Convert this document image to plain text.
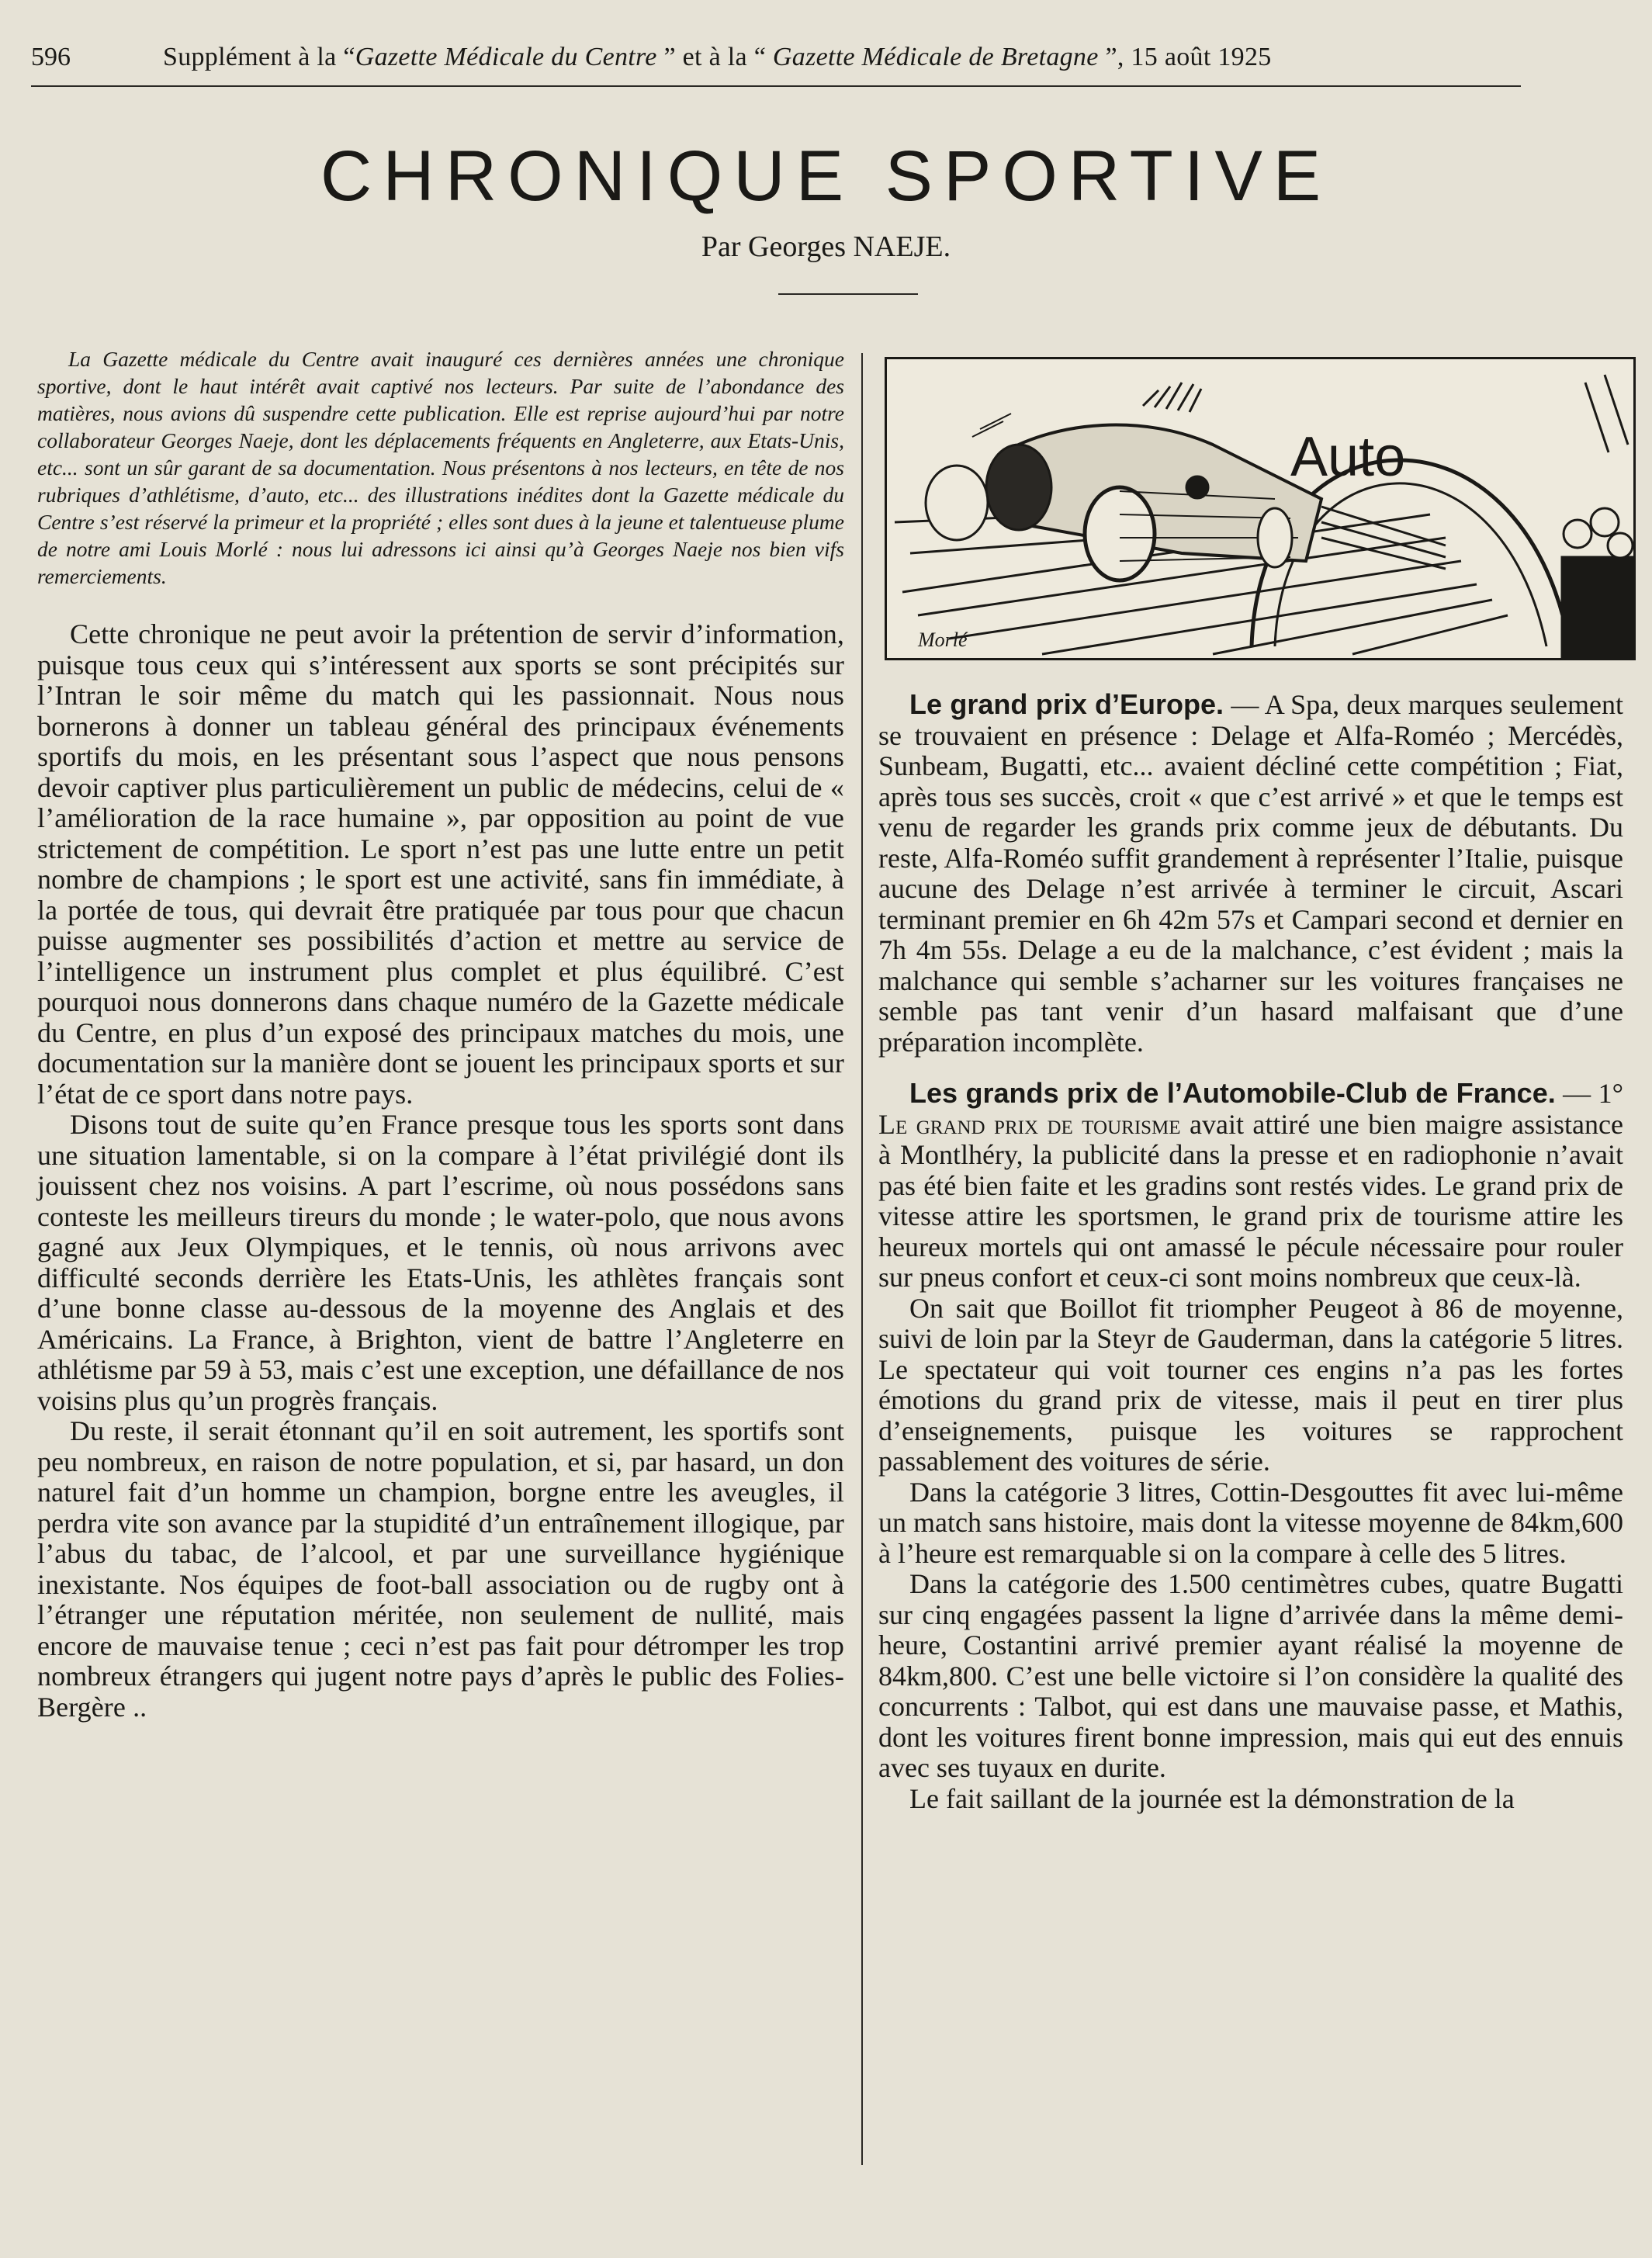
596	Supplément à la “Gazette Médicale du Centre ” et à la “ Gazette Médicale de Bretagne ”, 15 août 1925
CHRONIQUE SPORTIVE
Par Georges NAEJE.

La Gazette médicale du Centre avait inauguré ces dernières années une chronique sportive, dont le haut intérêt avait captivé nos lecteurs. Par suite de l’abondance des matières, nous avions dû suspendre cette publication. Elle est reprise aujourd’hui par notre collaborateur Georges Naeje, dont les déplacements fréquents en Angleterre, aux Etats-Unis, etc... sont un sûr garant de sa documentation. Nous présentons à nos lecteurs, en tête de nos rubriques d’athlétisme, d’auto, etc... des illustrations inédites dont la Gazette médicale du Centre s’est réservé la primeur et la propriété ; elles sont dues à la jeune et talentueuse plume de notre ami Louis Morlé : nous lui adressons ici ainsi qu’à Georges Naeje nos bien vifs remerciements.

Cette chronique ne peut avoir la prétention de servir d’information, puisque tous ceux qui s’intéressent aux sports se sont précipités sur l’Intran le soir même du match qui les passionnait. Nous nous bornerons à donner un tableau général des principaux événements sportifs du mois, en les présentant sous l’aspect que nous pensons devoir captiver plus particulièrement un public de médecins, celui de « l’amélioration de la race humaine », par opposition au point de vue strictement de compétition. Le sport n’est pas une lutte entre un petit nombre de champions ; le sport est une activité, sans fin immédiate, à la portée de tous, qui devrait être pratiquée par tous pour que chacun puisse augmenter ses possibilités d’action et mettre au service de l’intelligence un instrument plus complet et plus équilibré. C’est pourquoi nous donnerons dans chaque numéro de la Gazette médicale du Centre, en plus d’un exposé des principaux matches du mois, une documentation sur la manière dont se jouent les principaux sports et sur l’état de ce sport dans notre pays.

Disons tout de suite qu’en France presque tous les sports sont dans une situation lamentable, si on la compare à l’état privilégié dont ils jouissent chez nos voisins. A part l’escrime, où nous possédons sans conteste les meilleurs tireurs du monde ; le water-polo, que nous avons gagné aux Jeux Olympiques, et le tennis, où nous arrivons avec difficulté seconds derrière les Etats-Unis, les athlètes français sont d’une bonne classe au-dessous de la moyenne des Anglais et des Américains. La France, à Brighton, vient de battre l’Angleterre en athlétisme par 59 à 53, mais c’est une exception, une défaillance de nos voisins plus qu’un progrès français.

Du reste, il serait étonnant qu’il en soit autrement, les sportifs sont peu nombreux, en raison de notre population, et si, par hasard, un don naturel fait d’un homme un champion, borgne entre les aveugles, il perdra vite son avance par la stupidité d’un entraînement illogique, par l’abus du tabac, de l’alcool, et par une surveillance hygiénique inexistante. Nos équipes de foot-ball association ou de rugby ont à l’étranger une réputation méritée, non seulement de nullité, mais encore de mauvaise tenue ; ceci n’est pas fait pour détromper les trop nombreux étrangers qui jugent notre pays d’après le public des Folies-Bergère ..

Auto
Morlé

Le grand prix d’Europe. — A Spa, deux marques seulement se trouvaient en présence : Delage et Alfa-Roméo ; Mercédès, Sunbeam, Bugatti, etc... avaient décliné cette compétition ; Fiat, après tous ses succès, croit « que c’est arrivé » et que le temps est venu de regarder les grands prix comme jeux de débutants. Du reste, Alfa-Roméo suffit grandement à représenter l’Italie, puisque aucune des Delage n’est arrivée à terminer le circuit, Ascari terminant premier en 6h 42m 57s et Campari second et dernier en 7h 4m 55s. Delage a eu de la malchance, c’est évident ; mais la malchance qui semble s’acharner sur les voitures françaises ne semble pas tant venir d’un hasard malfaisant que d’une préparation incomplète.

Les grands prix de l’Automobile-Club de France. — 1° Le grand prix de tourisme avait attiré une bien maigre assistance à Montlhéry, la publicité dans la presse et en radiophonie n’avait pas été bien faite et les gradins sont restés vides. Le grand prix de vitesse attire les sportsmen, le grand prix de tourisme attire les heureux mortels qui ont amassé le pécule nécessaire pour rouler sur pneus confort et ceux-ci sont moins nombreux que ceux-là.

On sait que Boillot fit triompher Peugeot à 86 de moyenne, suivi de loin par la Steyr de Gauderman, dans la catégorie 5 litres. Le spectateur qui voit tourner ces engins n’a pas les fortes émotions du grand prix de vitesse, mais il peut en tirer plus d’enseignements, puisque les voitures se rapprochent passablement des voitures de série.

Dans la catégorie 3 litres, Cottin-Desgouttes fit avec lui-même un match sans histoire, mais dont la vitesse moyenne de 84km,600 à l’heure est remarquable si on la compare à celle des 5 litres.

Dans la catégorie des 1.500 centimètres cubes, quatre Bugatti sur cinq engagées passent la ligne d’arrivée dans la même demi-heure, Costantini arrivé premier ayant réalisé la moyenne de 84km,800. C’est une belle victoire si l’on considère la qualité des concurrents : Talbot, qui est dans une mauvaise passe, et Mathis, dont les voitures firent bonne impression, mais qui eut des ennuis avec ses tuyaux en durite.

Le fait saillant de la journée est la démonstration de la
